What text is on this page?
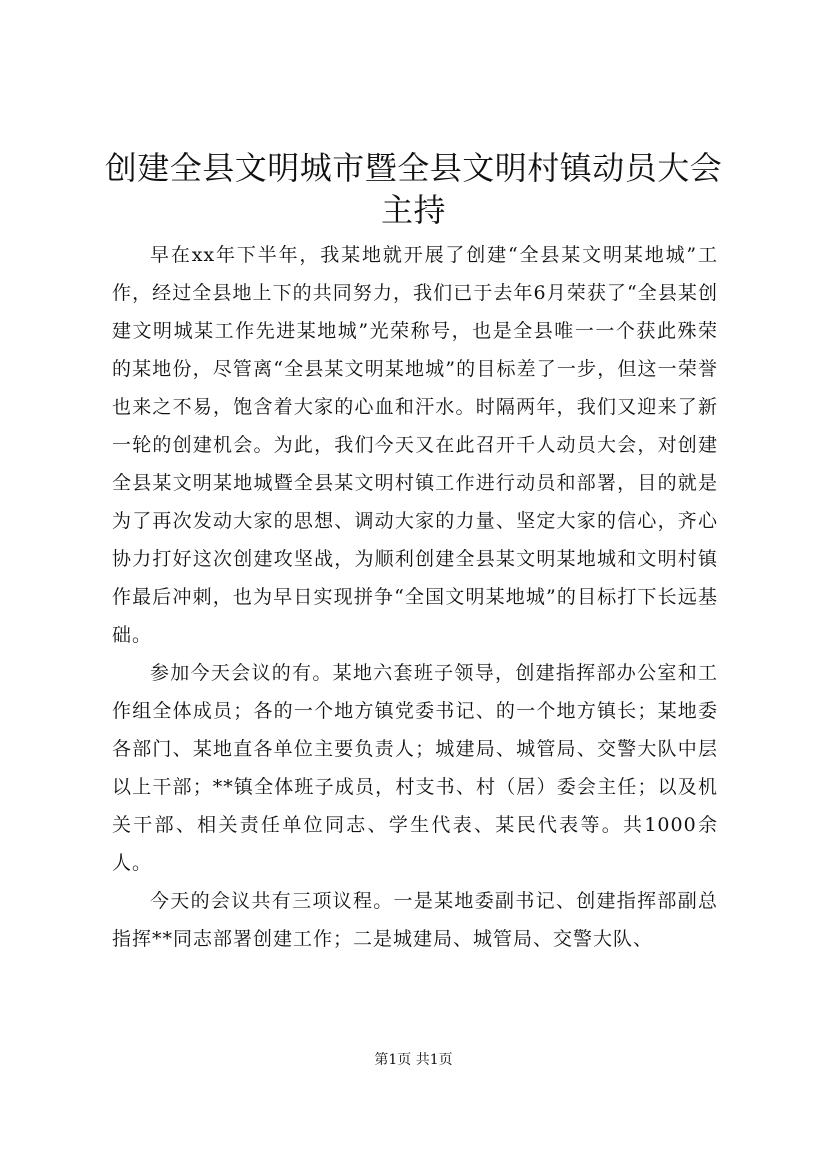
创建全县文明城市暨全县文明村镇动员大会主持

早在xx年下半年，我某地就开展了创建“全县某文明某地城”工作，经过全县地上下的共同努力，我们已于去年6月荣获了“全县某创建文明城某工作先进某地城”光荣称号，也是全县唯一一个获此殊荣的某地份，尽管离“全县某文明某地城”的目标差了一步，但这一荣誉也来之不易，饱含着大家的心血和汗水。时隔两年，我们又迎来了新一轮的创建机会。为此，我们今天又在此召开千人动员大会，对创建全县某文明某地城暨全县某文明村镇工作进行动员和部署，目的就是为了再次发动大家的思想、调动大家的力量、坚定大家的信心，齐心协力打好这次创建攻坚战，为顺利创建全县某文明某地城和文明村镇作最后冲刺，也为早日实现拼争“全国文明某地城”的目标打下长远基础。

参加今天会议的有。某地六套班子领导，创建指挥部办公室和工作组全体成员；各的一个地方镇党委书记、的一个地方镇长；某地委各部门、某地直各单位主要负责人；城建局、城管局、交警大队中层以上干部；**镇全体班子成员，村支书、村（居）委会主任；以及机关干部、相关责任单位同志、学生代表、某民代表等。共1000余人。

今天的会议共有三项议程。一是某地委副书记、创建指挥部副总指挥**同志部署创建工作；二是城建局、城管局、交警大队、

第1页 共1页
